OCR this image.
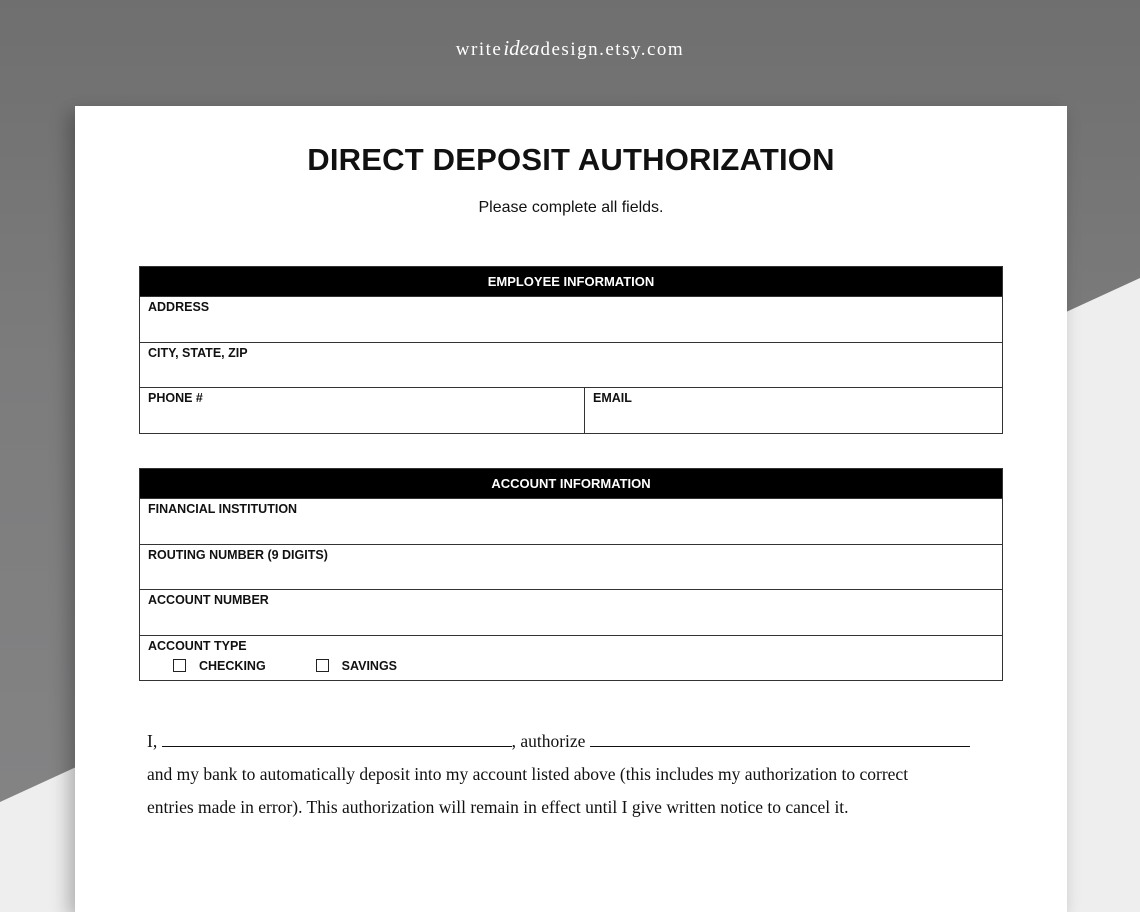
writeideadesign.etsy.com
DIRECT DEPOSIT AUTHORIZATION
Please complete all fields.
EMPLOYEE INFORMATION
ADDRESS
CITY, STATE, ZIP
PHONE #	EMAIL
ACCOUNT INFORMATION
FINANCIAL INSTITUTION
ROUTING NUMBER (9 DIGITS)
ACCOUNT NUMBER
ACCOUNT TYPE
CHECKING	SAVINGS

I,	, authorize

and my bank to automatically deposit into my account listed above (this includes my authorization to correct

entries made in error). This authorization will remain in effect until I give written notice to cancel it.
